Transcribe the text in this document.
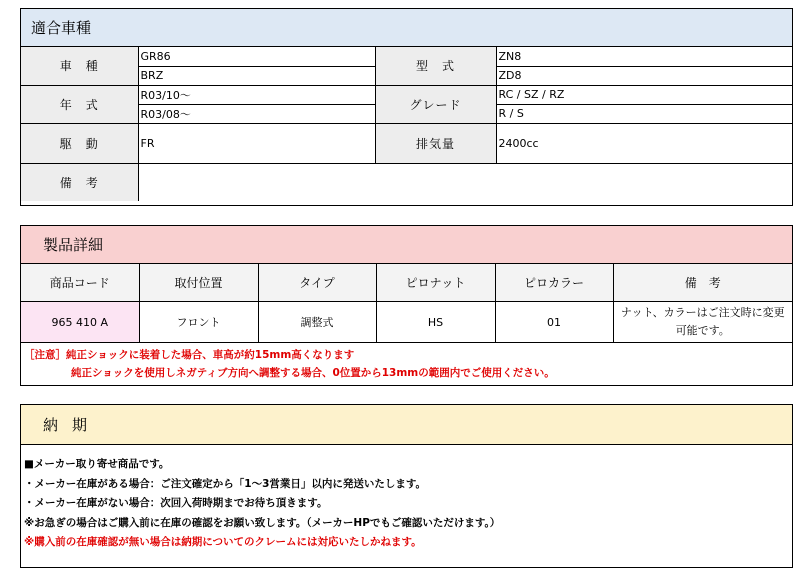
適合車種
車　種	GR86	型　式	ZN8
	BRZ		ZD8
年　式	R03/10～	グレード	RC / SZ / RZ
	R03/08～		R / S
駆　動	FR	排気量	2400cc
備　考			
製品詳細
商品コード	取付位置	タイプ	ピロナット	ピロカラー	備　考
965 410 A	フロント	調整式	HS	01	ナット、カラーはご注文時に変更可能です。
［注意］純正ショックに装着した場合、車高が約15mm高くなります
純正ショックを使用しネガティブ方向へ調整する場合、0位置から13mmの範囲内でご使用ください。
納期
■メーカー取り寄せ商品です。
・メーカー在庫がある場合：ご注文確定から「1～3営業日」以内に発送いたします。
・メーカー在庫がない場合：次回入荷時期までお待ち頂きます。
※お急ぎの場合はご購入前に在庫の確認をお願い致します。（メーカーHPでもご確認いただけます。）
※購入前の在庫確認が無い場合は納期についてのクレームには対応いたしかねます。
